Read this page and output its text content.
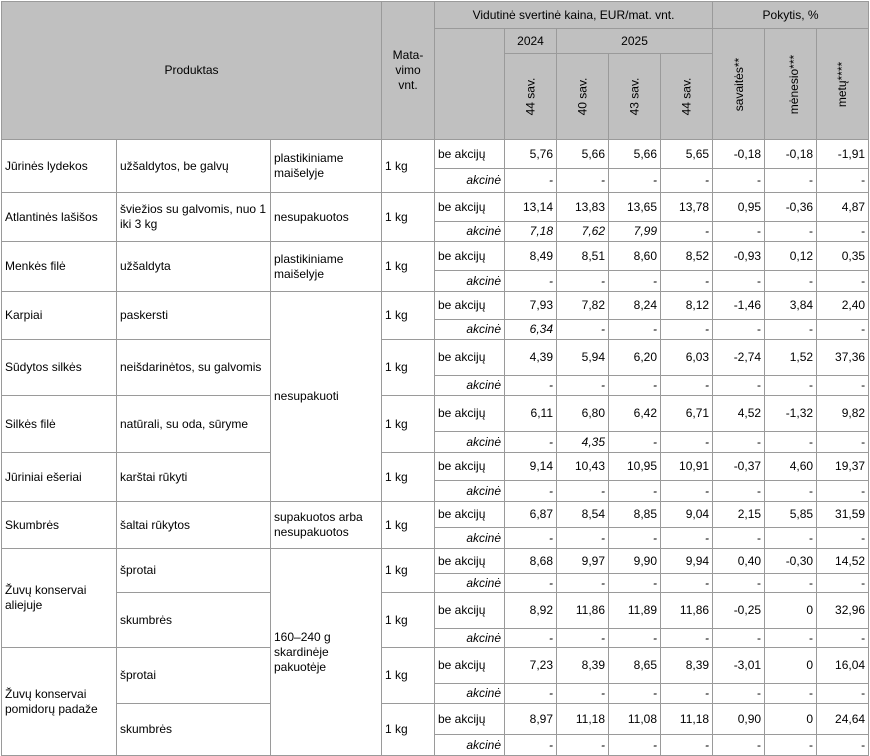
Produktas			Mata-vimo vnt.	Vidutinė svertinė kaina, EUR/mat. vnt.					Pokytis, %		
					2024	2025			savaitės**	mėnesio***	metų****
					44 sav.	40 sav.	43 sav.	44 sav.			
Jūrinės lydekos	užšaldytos, be galvų	plastikiniame maišelyje	1 kg	be akcijų	5,76	5,66	5,66	5,65	-0,18	-0,18	-1,91
				akcinė	-	-	-	-	-	-	-
Atlantinės lašišos	šviežios su galvomis, nuo 1 iki 3 kg	nesupakuotos	1 kg	be akcijų	13,14	13,83	13,65	13,78	0,95	-0,36	4,87
				akcinė	7,18	7,62	7,99	-	-	-	-
Menkės filė	užšaldyta	plastikiniame maišelyje	1 kg	be akcijų	8,49	8,51	8,60	8,52	-0,93	0,12	0,35
				akcinė	-	-	-	-	-	-	-
Karpiai	paskersti	nesupakuoti	1 kg	be akcijų	7,93	7,82	8,24	8,12	-1,46	3,84	2,40
				akcinė	6,34	-	-	-	-	-	-
Sūdytos silkės	neišdarinėtos, su galvomis		1 kg	be akcijų	4,39	5,94	6,20	6,03	-2,74	1,52	37,36
				akcinė	-	-	-	-	-	-	-
Silkės filė	natūrali, su oda, sūryme		1 kg	be akcijų	6,11	6,80	6,42	6,71	4,52	-1,32	9,82
				akcinė	-	4,35	-	-	-	-	-
Jūriniai ešeriai	karštai rūkyti		1 kg	be akcijų	9,14	10,43	10,95	10,91	-0,37	4,60	19,37
				akcinė	-	-	-	-	-	-	-
Skumbrės	šaltai rūkytos	supakuotos arba nesupakuotos	1 kg	be akcijų	6,87	8,54	8,85	9,04	2,15	5,85	31,59
				akcinė	-	-	-	-	-	-	-
Žuvų konservai aliejuje	šprotai	160–240 g skardinėje pakuotėje	1 kg	be akcijų	8,68	9,97	9,90	9,94	0,40	-0,30	14,52
				akcinė	-	-	-	-	-	-	-
	skumbrės		1 kg	be akcijų	8,92	11,86	11,89	11,86	-0,25	0	32,96
				akcinė	-	-	-	-	-	-	-
Žuvų konservai pomidorų padaže	šprotai		1 kg	be akcijų	7,23	8,39	8,65	8,39	-3,01	0	16,04
				akcinė	-	-	-	-	-	-	-
	skumbrės		1 kg	be akcijų	8,97	11,18	11,08	11,18	0,90	0	24,64
				akcinė	-	-	-	-	-	-	-
